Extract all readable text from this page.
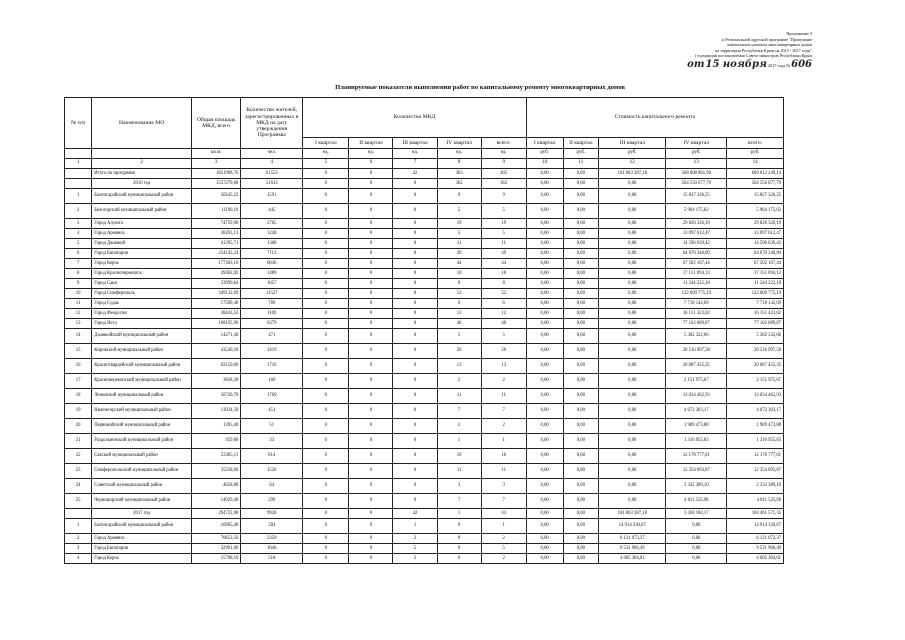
Приложение 3
к Региональной адресной программе "Проведение
капитального ремонта многоквартирных домов
на территории Республики Крым на 2015 - 2017 годы"
( в редакции постановления Совета министров Республики Крым
от 15 ноября 2017 года № 606
Планируемые показатели выполнения работ по капитальному ремонту многоквартирных домов
№ п/п	Наименование МО	Общая площадь МКД, всего	Количество жителей, зарегистрированных в МКД на дату утверждения Программы	Количество МКД					Стоимость капитального ремонта				
				I квартал	II квартал	III квартал	IV квартал	всего:	I квартал	II квартал	III квартал	IV квартал	всего:
		кв.м.	чел.	ед.	ед.	ед.	ед.	ед.	руб.	руб.	руб.	руб.	руб.
1	2	3	4	5	6	7	8	9	10	11	12	13	14
	Итого по программе	1851998,76	61553	0	0	42	363	405	0,00	0,00	101 003 387,18	568 008 861,96	669 012 249,14
	2016 год	1557276,68	51633	0	0	0	362	362	0,00	0,00	0,00	564 550 677,79	564 550 677,79
1	Бахчисарайский муниципальный район	50245,22	1591	0	0	0	9	9	0,00	0,00	0,00	15 827 326,25	15 827 326,25
2	Белогорский муниципальный район	11190,10	445	0	0	0	5	5	0,00	0,00	0,00	5 964 175,62	5 964 175,62
3	Город Алушта	74759,90	2705	0	0	0	19	19	0,00	0,00	0,00	29 826 326,19	29 826 326,19
4	Город Армянск	38203,13	1240	0	0	0	5	5	0,00	0,00	0,00	13 097 612,47	13 097 612,47
5	Город Джанкой	41395,71	1308	0	0	0	11	11	0,00	0,00	0,00	14 596 639,42	14 596 639,42
6	Город Евпатория	254145,24	7113	0	0	0	49	49	0,00	0,00	0,00	64 670 340,89	64 670 340,89
7	Город Керчь	177303,10	6036	0	0	0	44	44	0,00	0,00	0,00	67 502 167,44	67 502 167,44
8	Город Красноперекопск	49302,92	1489	0	0	0	10	10	0,00	0,00	0,00	17 151 094,13	17 151 094,13
9	Город Саки	33999,64	1057	0	0	0	8	8	0,00	0,00	0,00	11 244 222,18	11 244 222,18
10	Город Симферополь	349132,69	11527	0	0	0	52	52	0,00	0,00	0,00	122 669 775,19	122 669 775,19
11	Город Судак	17509,40	789	0	0	0	6	6	0,00	0,00	0,00	7 718 142,69	7 718 142,69
12	Город Феодосия	38443,52	1169	0	0	0	12	12	0,00	0,00	0,00	16 151 423,02	16 151 423,02
13	Город Ялта	168195,90	6379	0	0	0	40	40	0,00	0,00	0,00	77 102 689,87	77 102 689,87
14	Джанкойский муниципальный район	14271,40	471	0	0	0	5	5	0,00	0,00	0,00	5 382 332,06	5 382 332,06
15	Кировский муниципальный район	43540,20	1419	0	0	0	20	20	0,00	0,00	0,00	20 516 997,58	20 516 997,58
16	Красногвардейский муниципальный район	62150,00	1716	0	0	0	13	13	0,00	0,00	0,00	20 087 455,35	20 087 455,35
17	Красноперекопский муниципальный район	3818,30	160	0	0	0	2	2	0,00	0,00	0,00	2 151 975,67	2 151 975,67
18	Ленинский муниципальный район	56720,70	1769	0	0	0	11	11	0,00	0,00	0,00	13 034 462,93	13 034 462,93
19	Нижнегорский муниципальный район	13834,50	451	0	0	0	7	7	0,00	0,00	0,00	4 672 303,17	4 672 303,17
20	Первомайский муниципальный район	1395,40	51	0	0	0	2	2	0,00	0,00	0,00	1 989 473,88	1 989 473,88
21	Раздольненский муниципальный район	959,80	33	0	0	0	1	1	0,00	0,00	0,00	1 316 955,83	1 316 955,83
22	Сакский муниципальный район	23385,11	814	0	0	0	10	10	0,00	0,00	0,00	12 178 777,01	12 178 777,01
23	Симферопольский муниципальный район	35258,60	1536	0	0	0	11	11	0,00	0,00	0,00	12 354 093,87	12 354 093,87
24	Советский муниципальный район	4058,80	64	0	0	0	3	3	0,00	0,00	0,00	2 332 389,10	2 332 389,10
25	Черноморский муниципальный район	14029,40	299	0	0	0	7	7	0,00	0,00	0,00	4 811 525,98	4 811 525,98
	2017 год	294722,08	9920	0	0	42	1	43	0,00	0,00	101 003 387,18	3 458 184,17	104 461 571,35
1	Бахчисарайский муниципальный район	16965,40	584	0	0	1	0	1	0,00	0,00	14 914 330,67	0,00	14 914 330,67
2	Город Армянск	76653,56	2359	0	0	2	0	2	0,00	0,00	6 121 073,37	0,00	6 121 073,37
3	Город Евпатория	32901,00	1046	0	0	5	0	5	0,00	0,00	9 531 966,49	0,00	9 531 966,49
4	Город Керчь	15708,10	518	0	0	2	0	2	0,00	0,00	4 605 304,01	0,00	4 605 304,01
